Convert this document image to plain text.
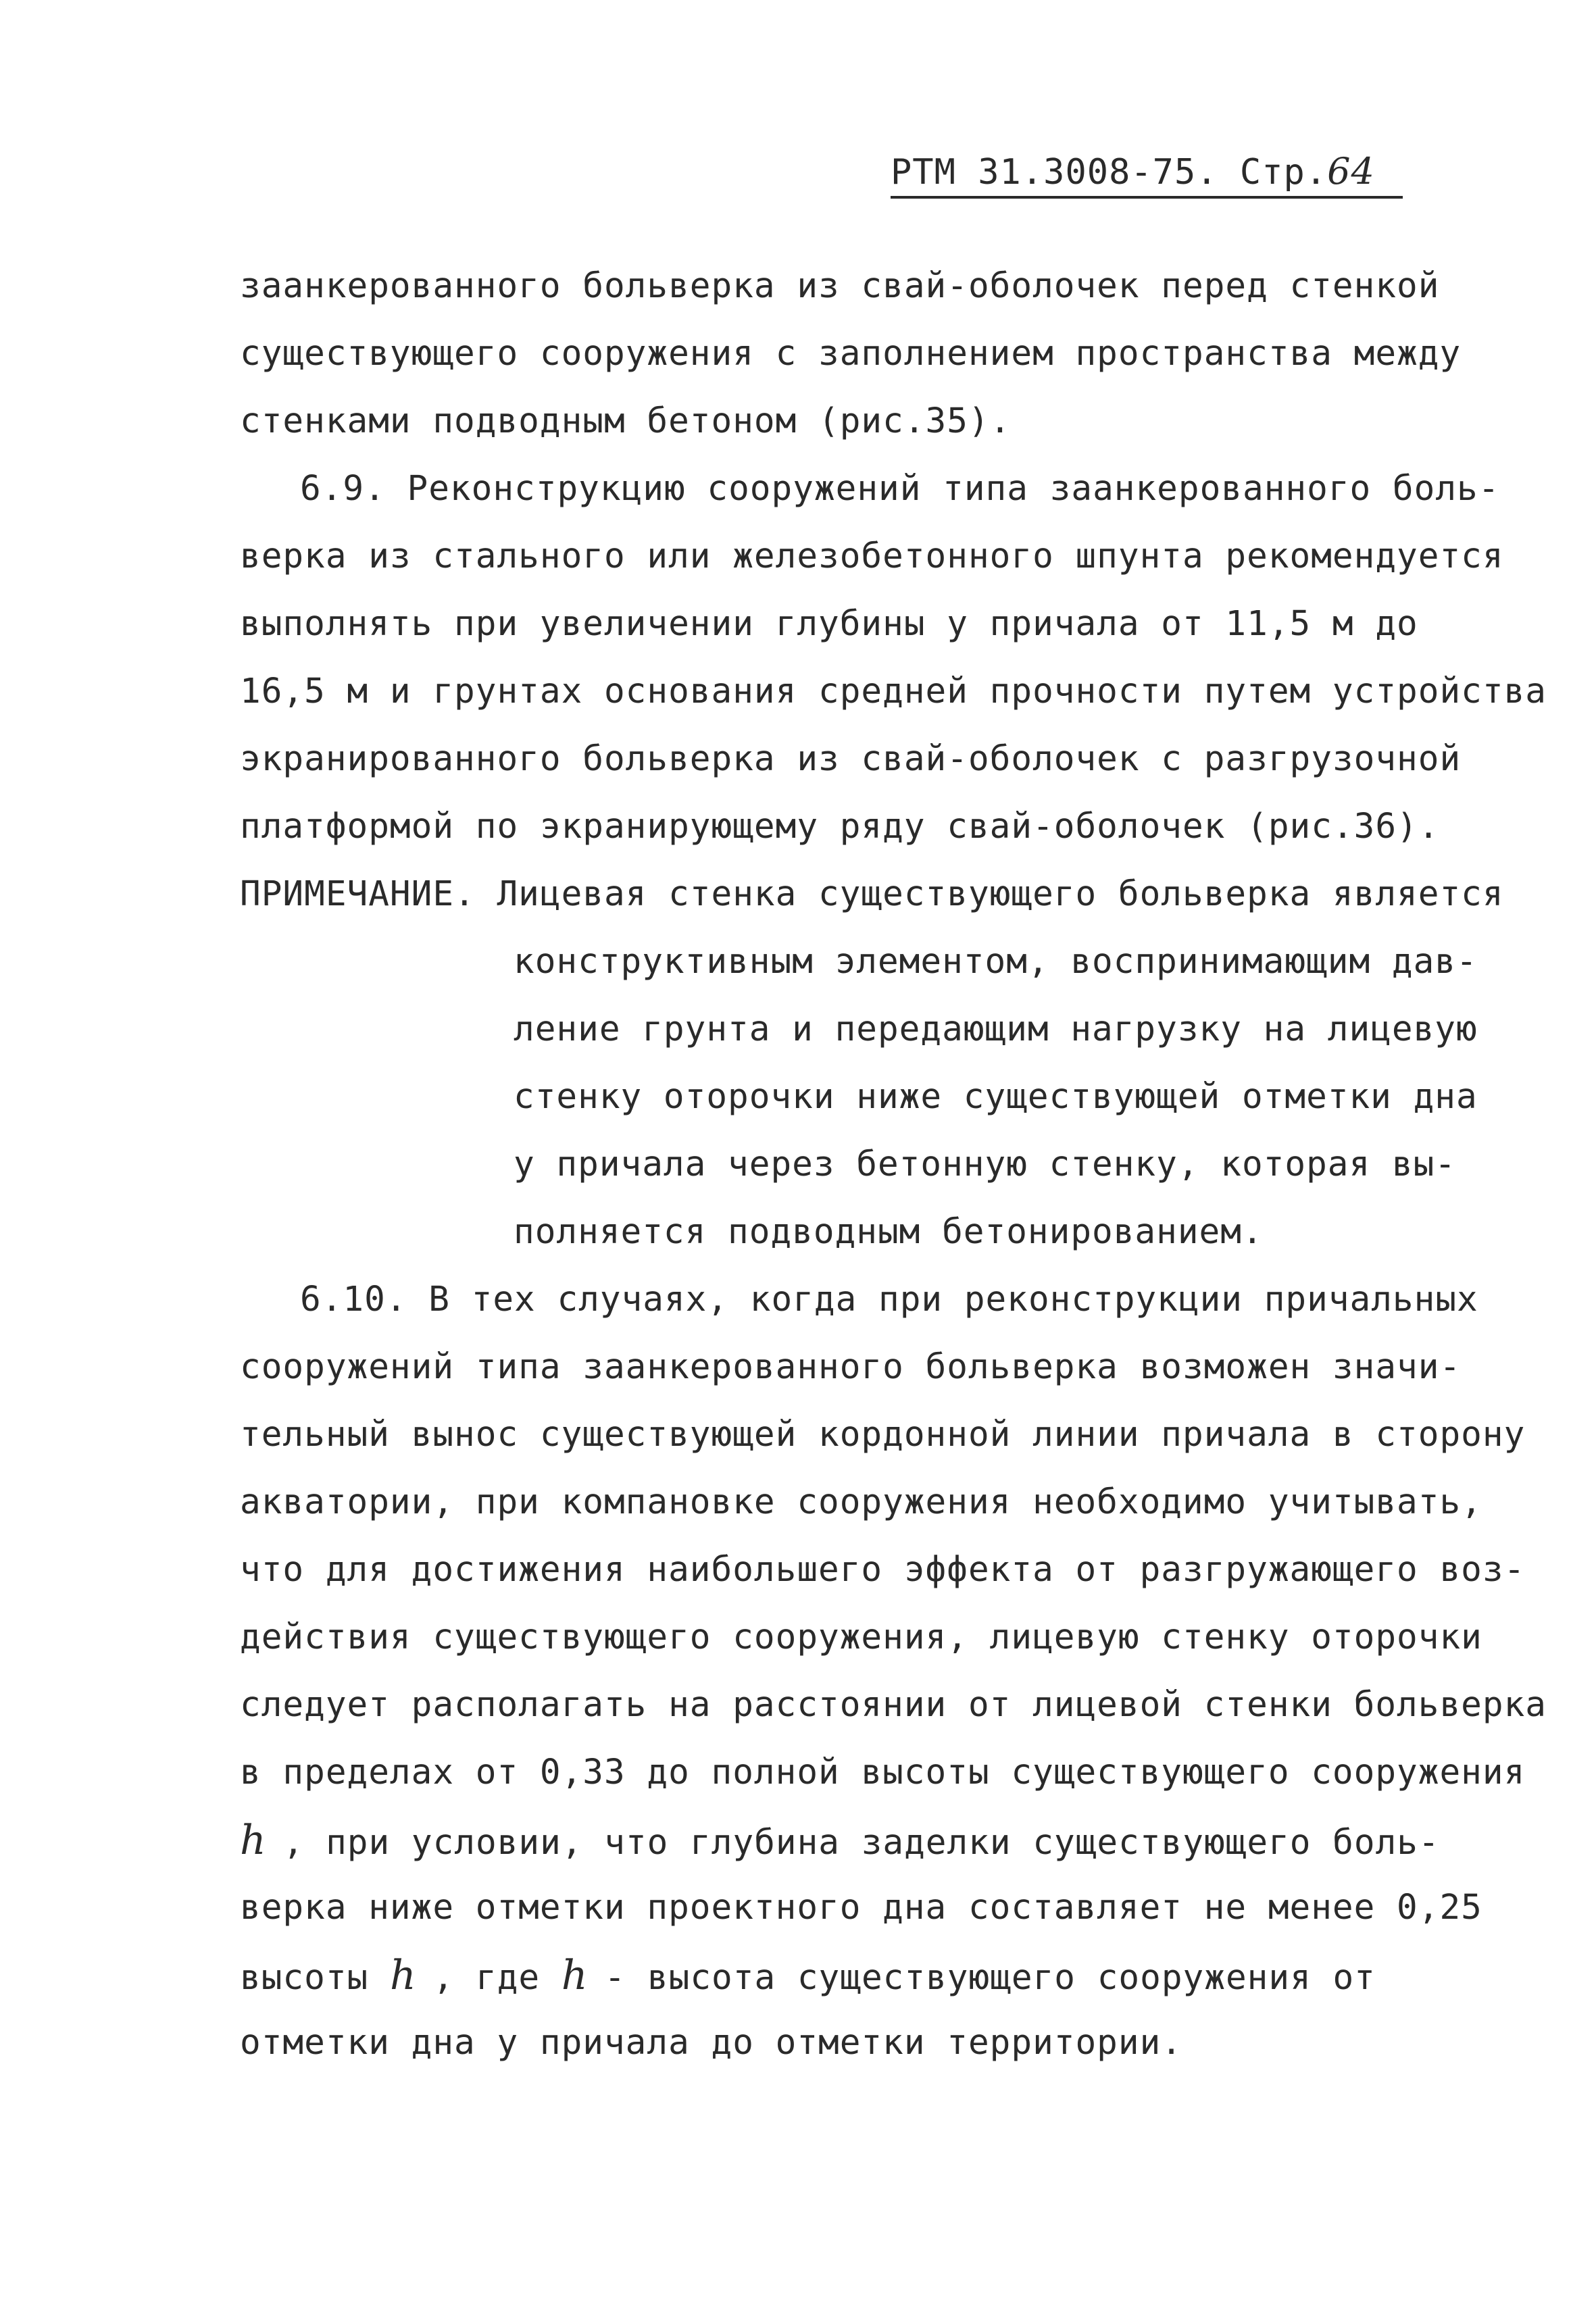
РТМ 31.3008-75. Стр.64
заанкерованного больверка из свай-оболочек перед стенкой
существующего сооружения с заполнением пространства между
стенками подводным бетоном (рис.35).
6.9. Реконструкцию сооружений типа заанкерованного боль-
верка из стального или железобетонного шпунта рекомендуется
выполнять при увеличении глубины у причала от 11,5 м до
16,5 м и грунтах основания средней прочности путем устройства
экранированного больверка из свай-оболочек с разгрузочной
платформой по экранирующему ряду свай-оболочек (рис.36).
ПРИМЕЧАНИЕ. Лицевая стенка существующего больверка является
конструктивным элементом, воспринимающим дав-
ление грунта и передающим нагрузку на лицевую
стенку оторочки ниже существующей отметки дна
у причала через бетонную стенку, которая вы-
полняется подводным бетонированием.
6.10. В тех случаях, когда при реконструкции причальных
сооружений типа заанкерованного больверка возможен значи-
тельный вынос существующей кордонной линии причала в сторону
акватории, при компановке сооружения необходимо учитывать,
что для достижения наибольшего эффекта от разгружающего воз-
действия существующего сооружения, лицевую стенку оторочки
следует располагать на расстоянии от лицевой стенки больверка
в пределах от 0,33 до полной высоты существующего сооружения
h , при условии, что глубина заделки существующего боль-
верка ниже отметки проектного дна составляет не менее 0,25
высоты h , где h - высота существующего сооружения от
отметки дна у причала до отметки территории.
